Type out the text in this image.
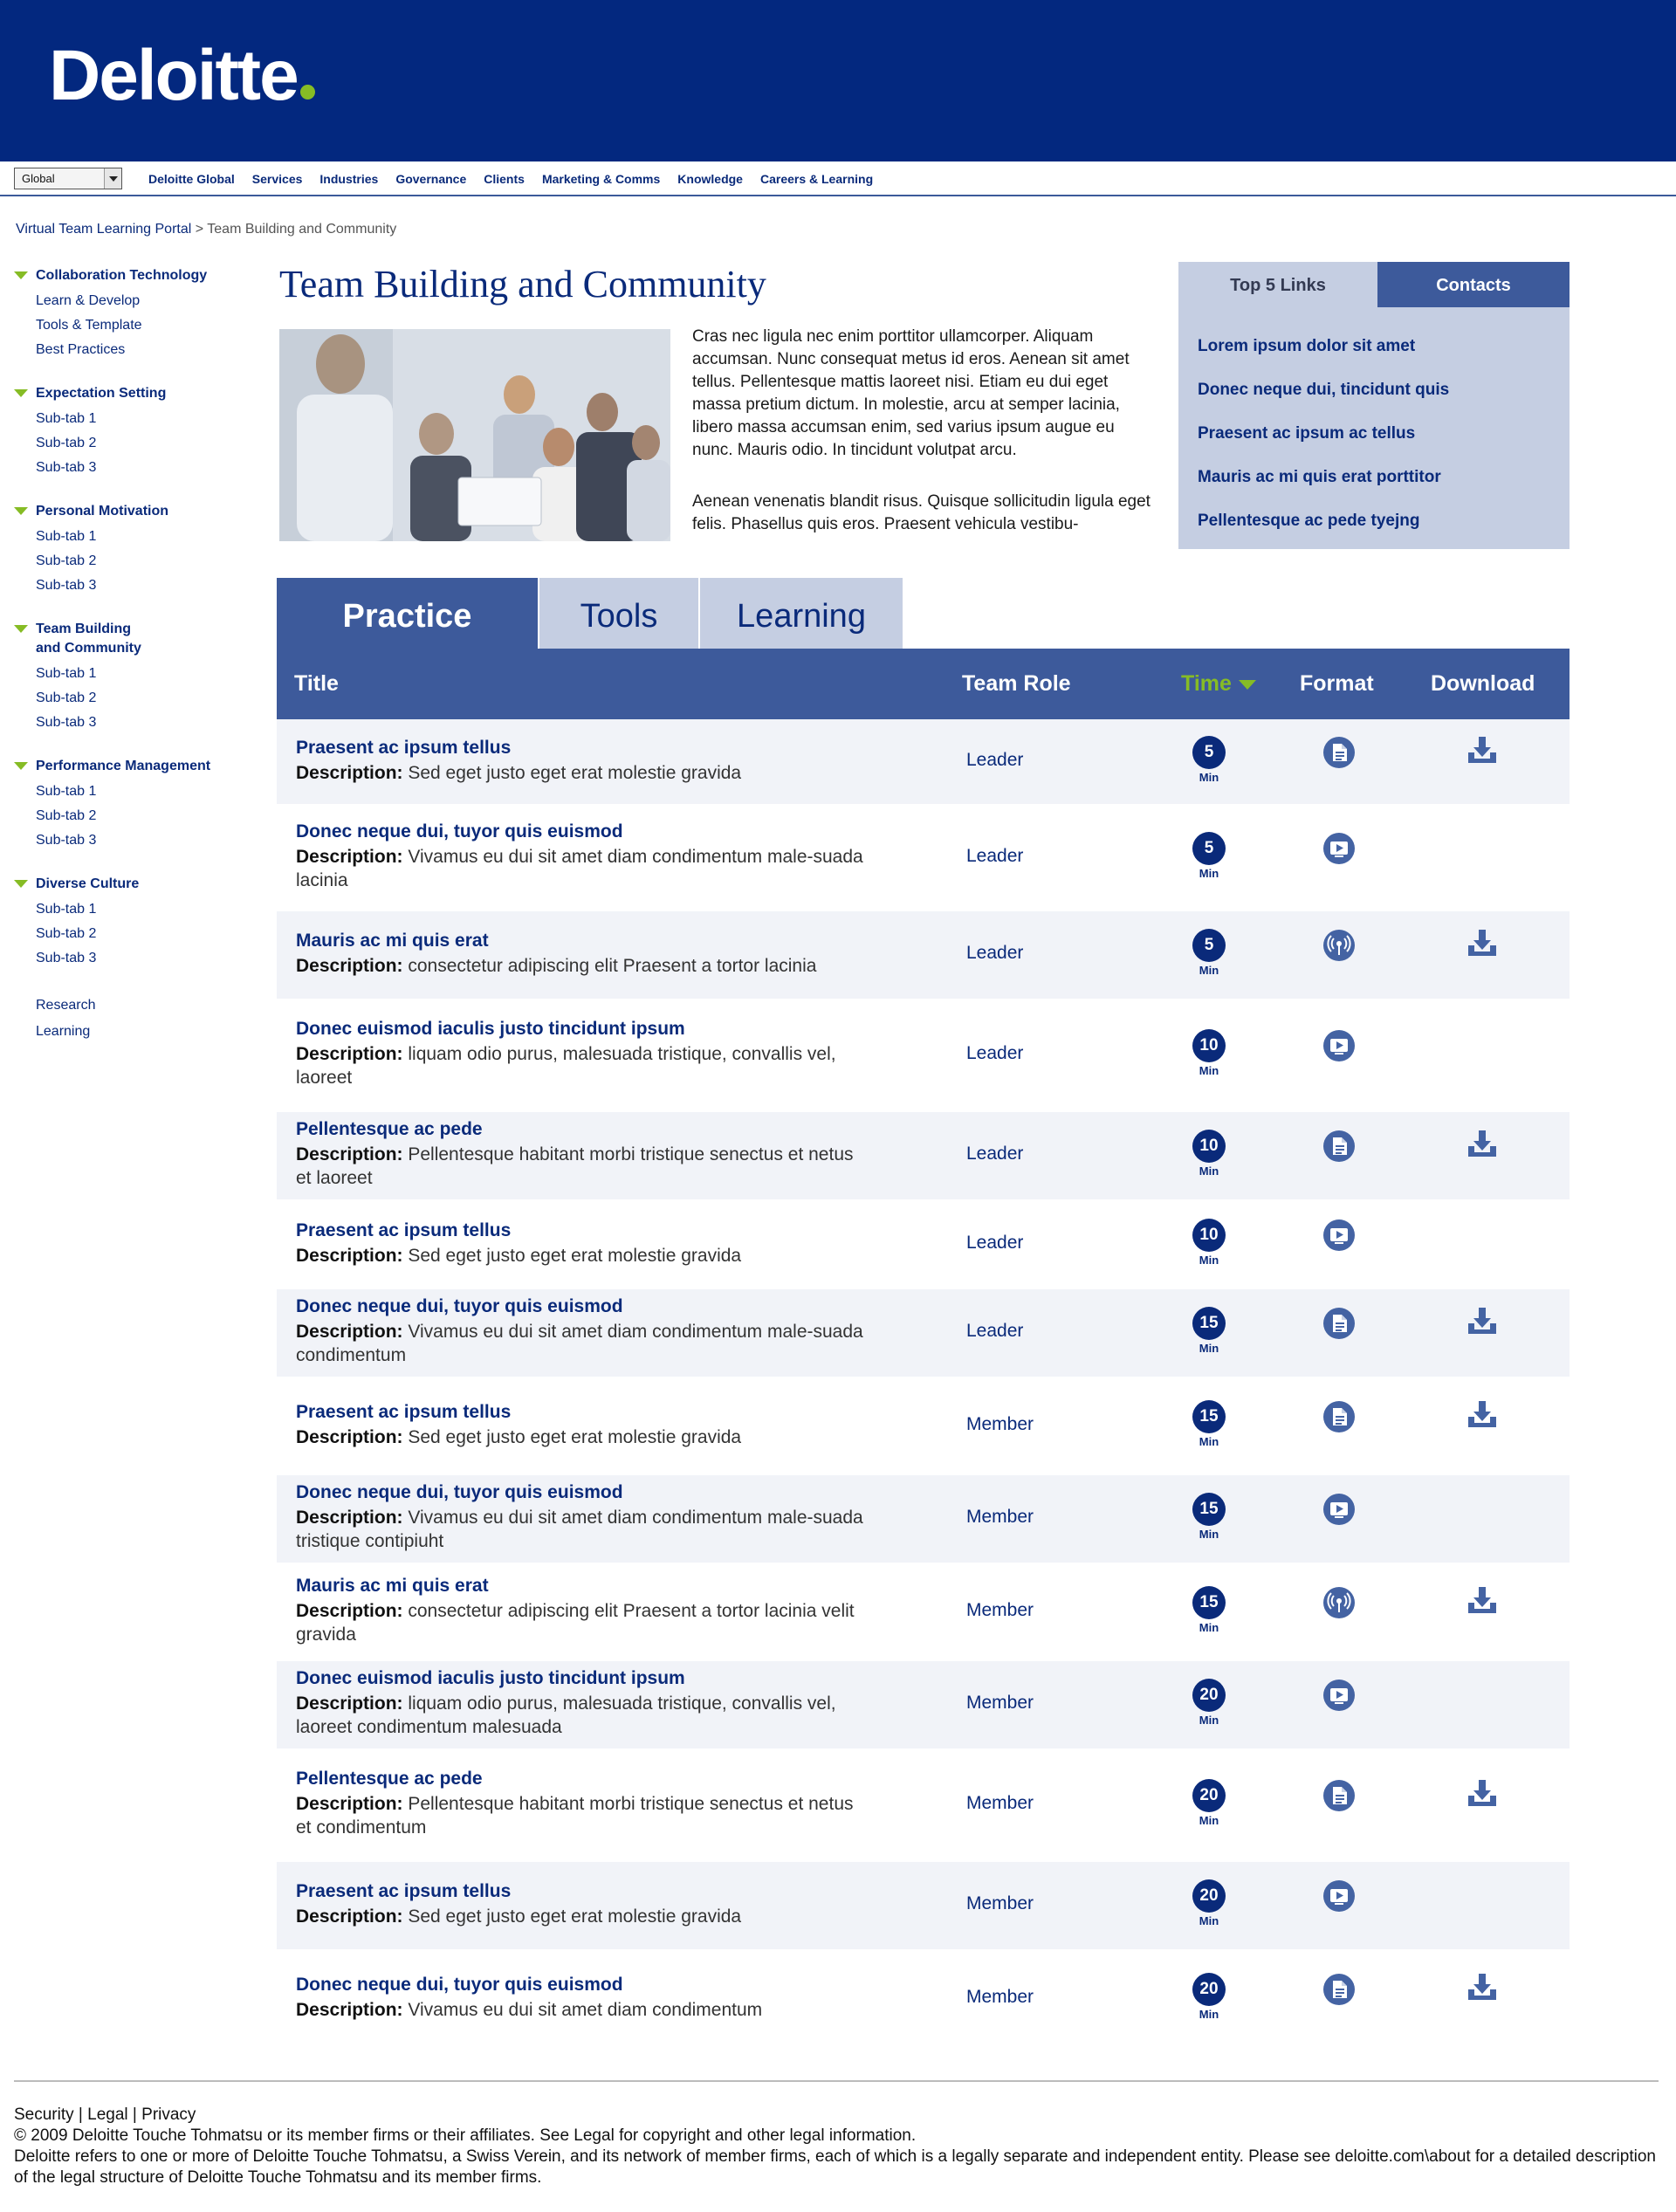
Deloitte
Global	Deloitte Global Services Industries Governance Clients Marketing & Comms Knowledge Careers & Learning
Virtual Team Learning Portal > Team Building and Community
Collaboration Technology
Learn & Develop
Tools & Template
Best Practices
Expectation Setting
Sub-tab 1
Sub-tab 2
Sub-tab 3
Personal Motivation
Sub-tab 1
Sub-tab 2
Sub-tab 3
Team Building
and Community
Sub-tab 1
Sub-tab 2
Sub-tab 3
Performance Management
Sub-tab 1
Sub-tab 2
Sub-tab 3
Diverse Culture
Sub-tab 1
Sub-tab 2
Sub-tab 3
Research
Learning
Team Building and Community

Cras nec ligula nec enim porttitor ullamcorper. Aliquam accumsan. Nunc consequat metus id eros. Aenean sit amet tellus. Pellentesque mattis laoreet nisi. Etiam eu dui eget massa pretium dictum. In molestie, arcu at semper lacinia, libero massa accumsan enim, sed varius ipsum augue eu nunc. Mauris odio. In tincidunt volutpat arcu.

Aenean venenatis blandit risus. Quisque sollicitudin ligula eget felis. Phasellus quis eros. Praesent vehicula vestibu-

Top 5 Links	Contacts
Lorem ipsum dolor sit amet
Donec neque dui, tincidunt quis
Praesent ac ipsum ac tellus
Mauris ac mi quis erat porttitor
Pellentesque ac pede tyejng
Practice	Tools	Learning
Title	Team Role	Time	Format	Download
Praesent ac ipsum tellus
Description: Sed eget justo eget erat molestie gravida
Leader	5
Min
Donec neque dui, tuyor quis euismod
Description: Vivamus eu dui sit amet diam condimentum male-suada lacinia
Leader	5
Min
Mauris ac mi quis erat
Description: consectetur adipiscing elit Praesent a tortor lacinia
Leader	5
Min
Donec euismod iaculis justo tincidunt ipsum
Description: liquam odio purus, malesuada tristique, convallis vel, laoreet
Leader	10
Min
Pellentesque ac pede
Description: Pellentesque habitant morbi tristique senectus et netus et laoreet
Leader	10
Min
Praesent ac ipsum tellus
Description: Sed eget justo eget erat molestie gravida
Leader	10
Min
Donec neque dui, tuyor quis euismod
Description: Vivamus eu dui sit amet diam condimentum male-suada condimentum
Leader	15
Min
Praesent ac ipsum tellus
Description: Sed eget justo eget erat molestie gravida
Member	15
Min
Donec neque dui, tuyor quis euismod
Description: Vivamus eu dui sit amet diam condimentum male-suada tristique contipiuht
Member	15
Min
Mauris ac mi quis erat
Description: consectetur adipiscing elit Praesent a tortor lacinia velit gravida
Member	15
Min
Donec euismod iaculis justo tincidunt ipsum
Description: liquam odio purus, malesuada tristique, convallis vel, laoreet condimentum malesuada
Member	20
Min
Pellentesque ac pede
Description: Pellentesque habitant morbi tristique senectus et netus et condimentum
Member	20
Min
Praesent ac ipsum tellus
Description: Sed eget justo eget erat molestie gravida
Member	20
Min
Donec neque dui, tuyor quis euismod
Description: Vivamus eu dui sit amet diam condimentum
Member	20
Min
Security | Legal | Privacy
© 2009 Deloitte Touche Tohmatsu or its member firms or their affiliates. See Legal for copyright and other legal information.
Deloitte refers to one or more of Deloitte Touche Tohmatsu, a Swiss Verein, and its network of member firms, each of which is a legally separate and independent entity. Please see deloitte.com\about for a detailed description of the legal structure of Deloitte Touche Tohmatsu and its member firms.
